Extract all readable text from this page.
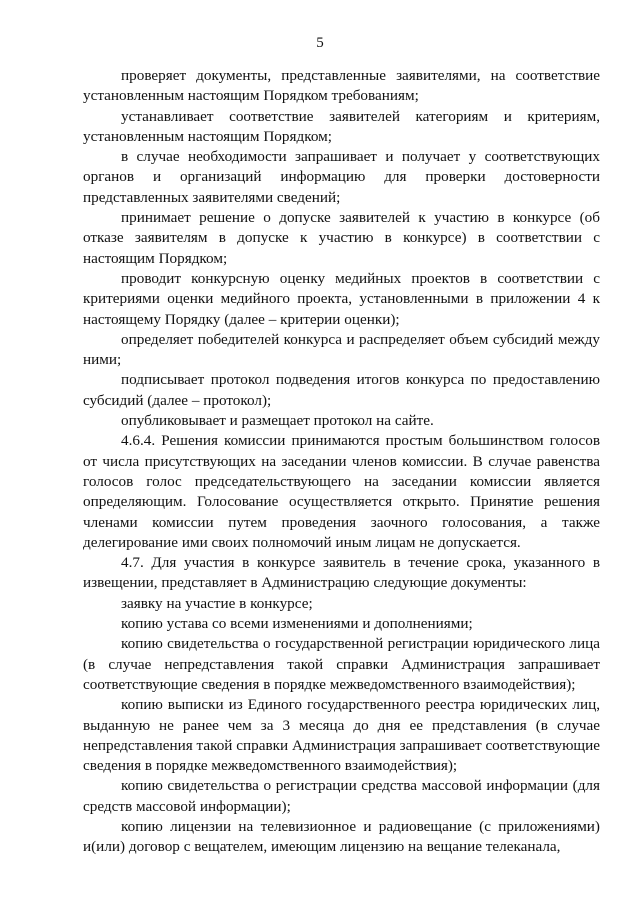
5

проверяет документы, представленные заявителями, на соответствие установленным настоящим Порядком требованиям;

устанавливает соответствие заявителей категориям и критериям, установленным настоящим Порядком;

в случае необходимости запрашивает и получает у соответствующих органов и организаций информацию для проверки достоверности представленных заявителями сведений;

принимает решение о допуске заявителей к участию в конкурсе (об отказе заявителям в допуске к участию в конкурсе) в соответствии с настоящим Порядком;

проводит конкурсную оценку медийных проектов в соответствии с критериями оценки медийного проекта, установленными в приложении 4 к настоящему Порядку (далее – критерии оценки);

определяет победителей конкурса и распределяет объем субсидий между ними;

подписывает протокол подведения итогов конкурса по предоставлению субсидий (далее – протокол);

опубликовывает и размещает протокол на сайте.

4.6.4. Решения комиссии принимаются простым большинством голосов от числа присутствующих на заседании членов комиссии. В случае равенства голосов голос председательствующего на заседании комиссии является определяющим. Голосование осуществляется открыто. Принятие решения членами комиссии путем проведения заочного голосования, а также делегирование ими своих полномочий иным лицам не допускается.

4.7. Для участия в конкурсе заявитель в течение срока, указанного в извещении, представляет в Администрацию следующие документы:

заявку на участие в конкурсе;

копию устава со всеми изменениями и дополнениями;

копию свидетельства о государственной регистрации юридического лица (в случае непредставления такой справки Администрация запрашивает соответствующие сведения в порядке межведомственного взаимодействия);

копию выписки из Единого государственного реестра юридических лиц, выданную не ранее чем за 3 месяца до дня ее представления (в случае непредставления такой справки Администрация запрашивает соответствующие сведения в порядке межведомственного взаимодействия);

копию свидетельства о регистрации средства массовой информации (для средств массовой информации);

копию лицензии на телевизионное и радиовещание (с приложениями) и(или) договор с вещателем, имеющим лицензию на вещание телеканала,
